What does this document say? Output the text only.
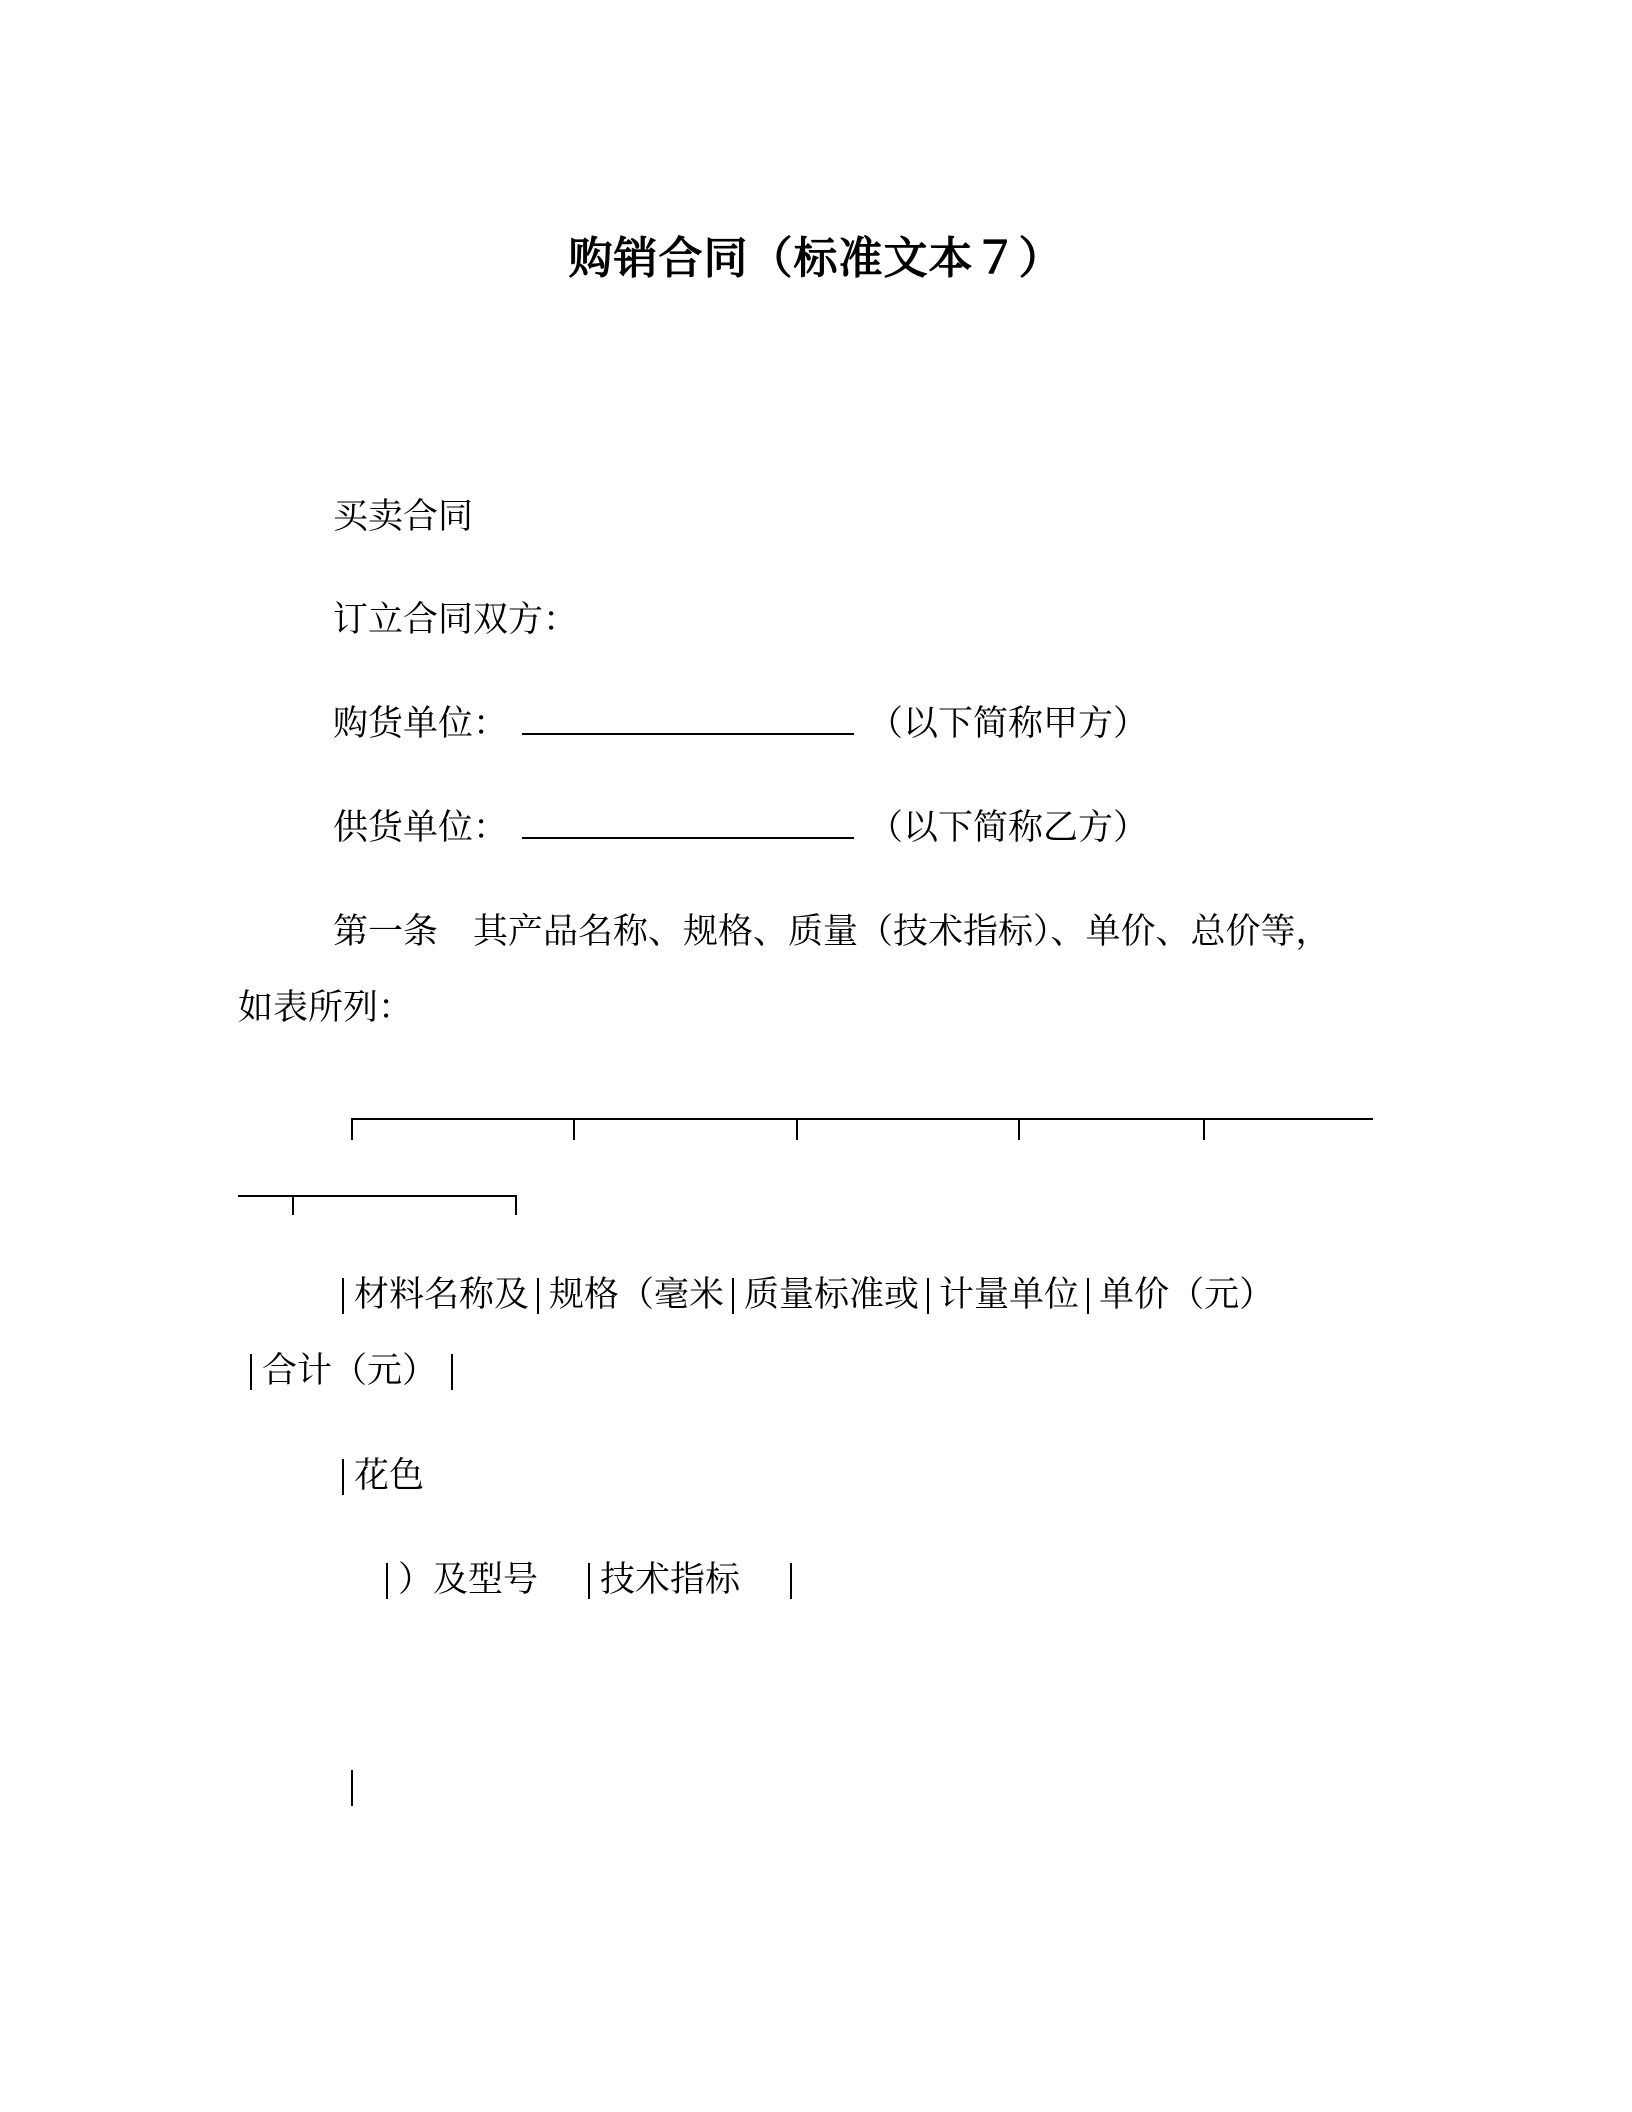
购销合同（标准文本７）
买卖合同
订立合同双方：
购货单位：	（以下简称甲方）
供货单位：	（以下简称乙方）
第一条　其产品名称、规格、质量（技术指标）、单价、总价等，
如表所列：
材料名称及 规格（毫米 质量标准或 计量单位 单价（元）
合计（元）
花色
）及型号 技术指标
